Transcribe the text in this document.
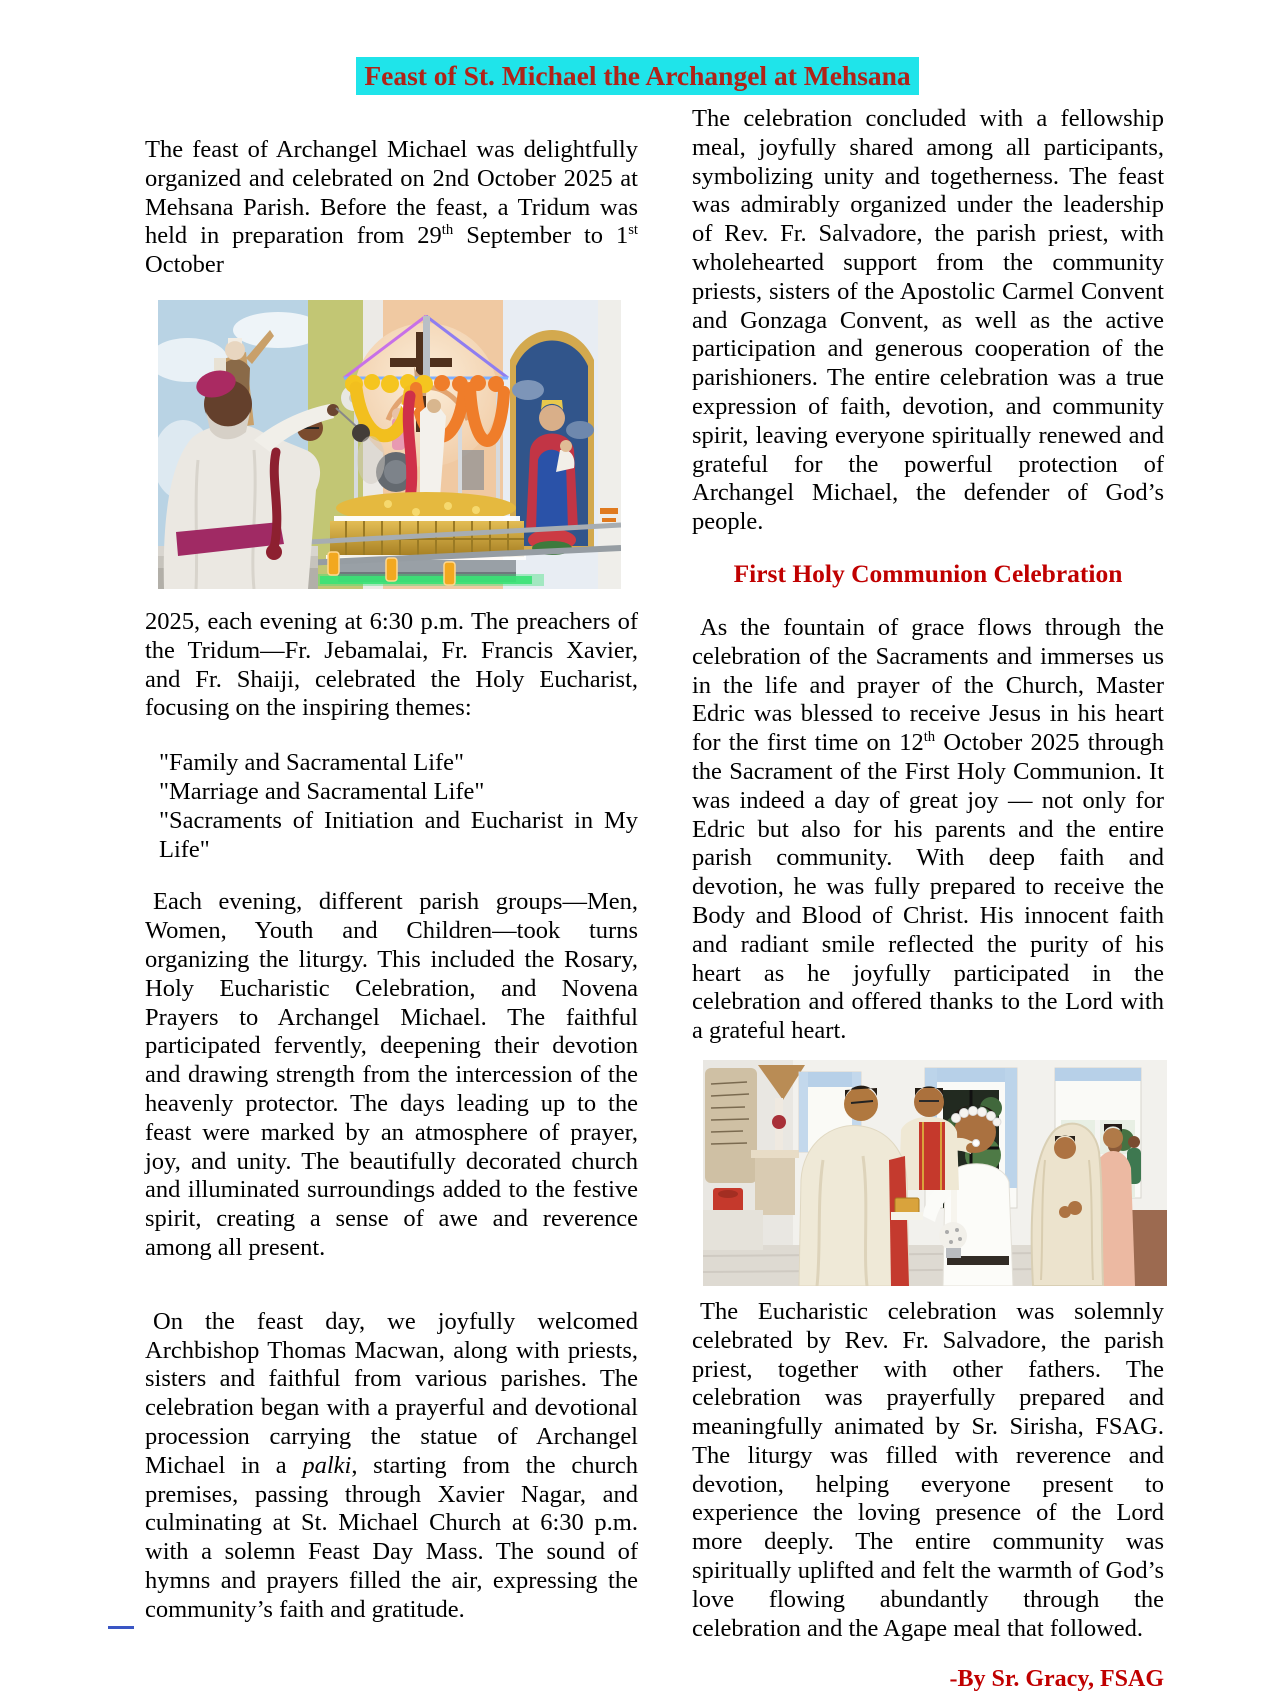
Feast of St. Michael the Archangel at Mehsana

The feast of Archangel Michael was delightfully organized and celebrated on 2nd October 2025 at Mehsana Parish. Before the feast, a Tridum was held in preparation from 29th September to 1st October

2025, each evening at 6:30 p.m. The preachers of the Tridum—Fr. Jebamalai, Fr. Francis Xavier, and Fr. Shaiji, celebrated the Holy Eucharist, focusing on the inspiring themes:

"Family and Sacramental Life"
"Marriage and Sacramental Life"
"Sacraments of Initiation and Eucharist in My Life"

Each evening, different parish groups—Men, Women, Youth and Children—took turns organizing the liturgy. This included the Rosary, Holy Eucharistic Celebration, and Novena Prayers to Archangel Michael. The faithful participated fervently, deepening their devotion and drawing strength from the intercession of the heavenly protector. The days leading up to the feast were marked by an atmosphere of prayer, joy, and unity. The beautifully decorated church and illuminated surroundings added to the festive spirit, creating a sense of awe and reverence among all present.

On the feast day, we joyfully welcomed Archbishop Thomas Macwan, along with priests, sisters and faithful from various parishes. The celebration began with a prayerful and devotional procession carrying the statue of Archangel Michael in a palki, starting from the church premises, passing through Xavier Nagar, and culminating at St. Michael Church at 6:30 p.m. with a solemn Feast Day Mass. The sound of hymns and prayers filled the air, expressing the community’s faith and gratitude.

The celebration concluded with a fellowship meal, joyfully shared among all participants, symbolizing unity and togetherness. The feast was admirably organized under the leadership of Rev. Fr. Salvadore, the parish priest, with wholehearted support from the community priests, sisters of the Apostolic Carmel Convent and Gonzaga Convent, as well as the active participation and generous cooperation of the parishioners. The entire celebration was a true expression of faith, devotion, and community spirit, leaving everyone spiritually renewed and grateful for the powerful protection of Archangel Michael, the defender of God’s people.

First Holy Communion Celebration

As the fountain of grace flows through the celebration of the Sacraments and immerses us in the life and prayer of the Church, Master Edric was blessed to receive Jesus in his heart for the first time on 12th October 2025 through the Sacrament of the First Holy Communion. It was indeed a day of great joy — not only for Edric but also for his parents and the entire parish community. With deep faith and devotion, he was fully prepared to receive the Body and Blood of Christ. His innocent faith and radiant smile reflected the purity of his heart as he joyfully participated in the celebration and offered thanks to the Lord with a grateful heart.

The Eucharistic celebration was solemnly celebrated by Rev. Fr. Salvadore, the parish priest, together with other fathers. The celebration was prayerfully prepared and meaningfully animated by Sr. Sirisha, FSAG. The liturgy was filled with reverence and devotion, helping everyone present to experience the loving presence of the Lord more deeply. The entire community was spiritually uplifted and felt the warmth of God’s love flowing abundantly through the celebration and the Agape meal that followed.

-By Sr. Gracy, FSAG
